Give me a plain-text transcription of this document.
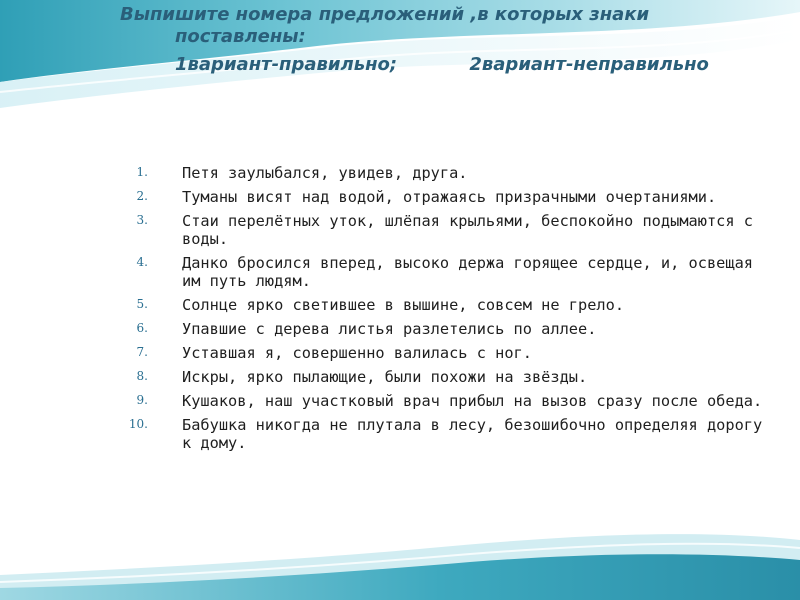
Выпишите номера предложений ,в которых знаки
поставлены:
1вариант-правильно;	2вариант-неправильно
1. Петя заулыбался, увидев, друга.
2. Туманы висят над водой, отражаясь призрачными очертаниями.
3. Стаи перелётных уток, шлёпая крыльями, беспокойно подымаются с воды.
4. Данко бросился вперед, высоко держа горящее сердце, и, освещая им путь людям.
5. Солнце ярко светившее в вышине, совсем не грело.
6. Упавшие с дерева листья разлетелись по аллее.
7. Уставшая я, совершенно валилась с ног.
8. Искры, ярко пылающие, были похожи на звёзды.
9. Кушаков, наш участковый врач прибыл на вызов сразу после обеда.
10. Бабушка никогда не плутала в лесу, безошибочно определяя дорогу к дому.
